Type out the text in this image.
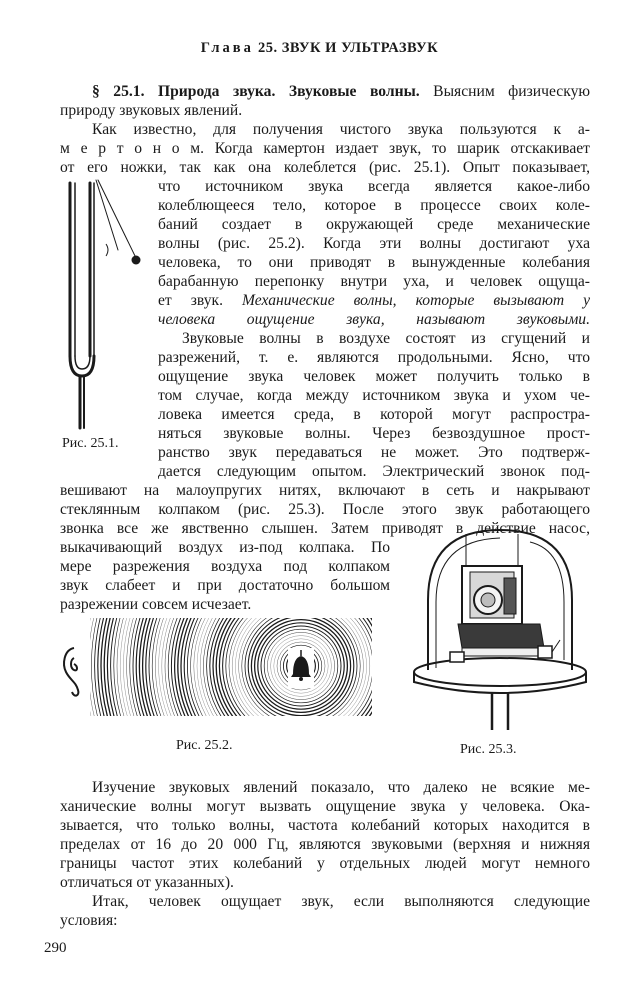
Глава 25. ЗВУК И УЛЬТРАЗВУК
§ 25.1. Природа звука. Звуковые волны. Выясним физическую
природу звуковых явлений.
Как известно, для получения чистого звука пользуются к а-
м е р т о н о м. Когда камертон издает звук, то шарик отскакивает
от его ножки, так как она колеблется (рис. 25.1). Опыт показывает,
что источником звука всегда является какое-либо
колеблющееся тело, которое в процессе своих коле-
баний создает в окружающей среде механические
волны (рис. 25.2). Когда эти волны достигают уха
человека, то они приводят в вынужденные колебания
барабанную перепонку внутри уха, и человек ощуща-
ет звук. Механические волны, которые вызывают у
человека ощущение звука, называют звуковыми.
Звуковые волны в воздухе состоят из сгущений и
разрежений, т. е. являются продольными. Ясно, что
ощущение звука человек может получить только в
том случае, когда между источником звука и ухом че-
ловека имеется среда, в которой могут распростра-
няться звуковые волны. Через безвоздушное прост-
ранство звук передаваться не может. Это подтверж-
дается следующим опытом. Электрический звонок под-
вешивают на малоупругих нитях, включают в сеть и накрывают
стеклянным колпаком (рис. 25.3). После этого звук работающего
звонка все же явственно слышен. Затем приводят в действие насос,
выкачивающий воздух из-под колпака. По
мере разрежения воздуха под колпаком
звук слабеет и при достаточно большом
разрежении совсем исчезает.
Рис. 25.1.
Рис. 25.2.	Рис. 25.3.
Изучение звуковых явлений показало, что далеко не всякие ме-
ханические волны могут вызвать ощущение звука у человека. Ока-
зывается, что только волны, частота колебаний которых находится в
пределах от 16 до 20 000 Гц, являются звуковыми (верхняя и нижняя
границы частот этих колебаний у отдельных людей могут немного
отличаться от указанных).
Итак, человек ощущает звук, если выполняются следующие
условия:
290
